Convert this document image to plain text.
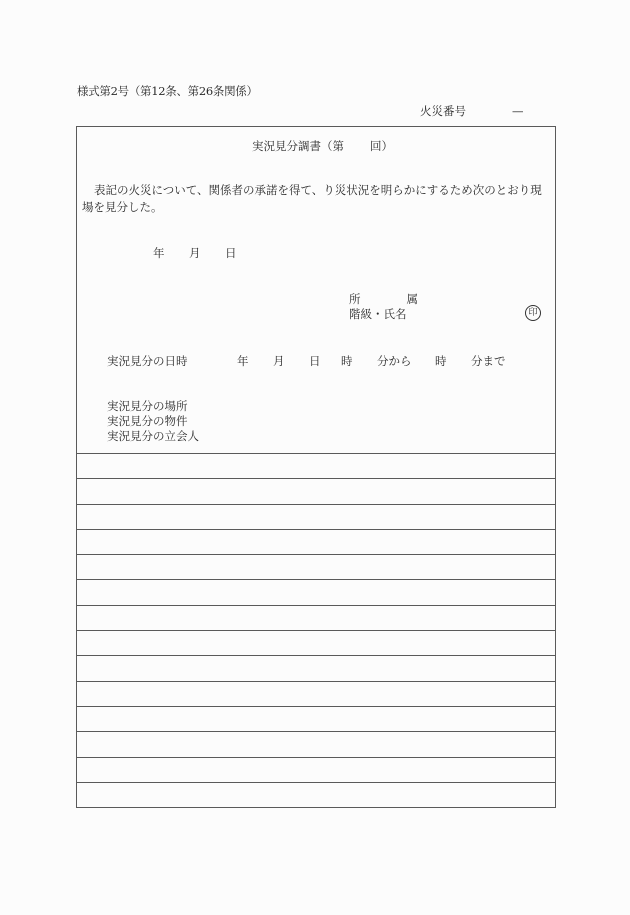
様式第2号（第12条、第26条関係）
火災番号	—
実況見分調書（第 回）
表記の火災について、関係者の承諾を得て、り災状況を明らかにするため次のとおり現場を見分した。
年 月 日
所	属
階級・氏名	印
実況見分の日時	年 月 日 時 分から 時 分まで
実況見分の場所
実況見分の物件
実況見分の立会人
